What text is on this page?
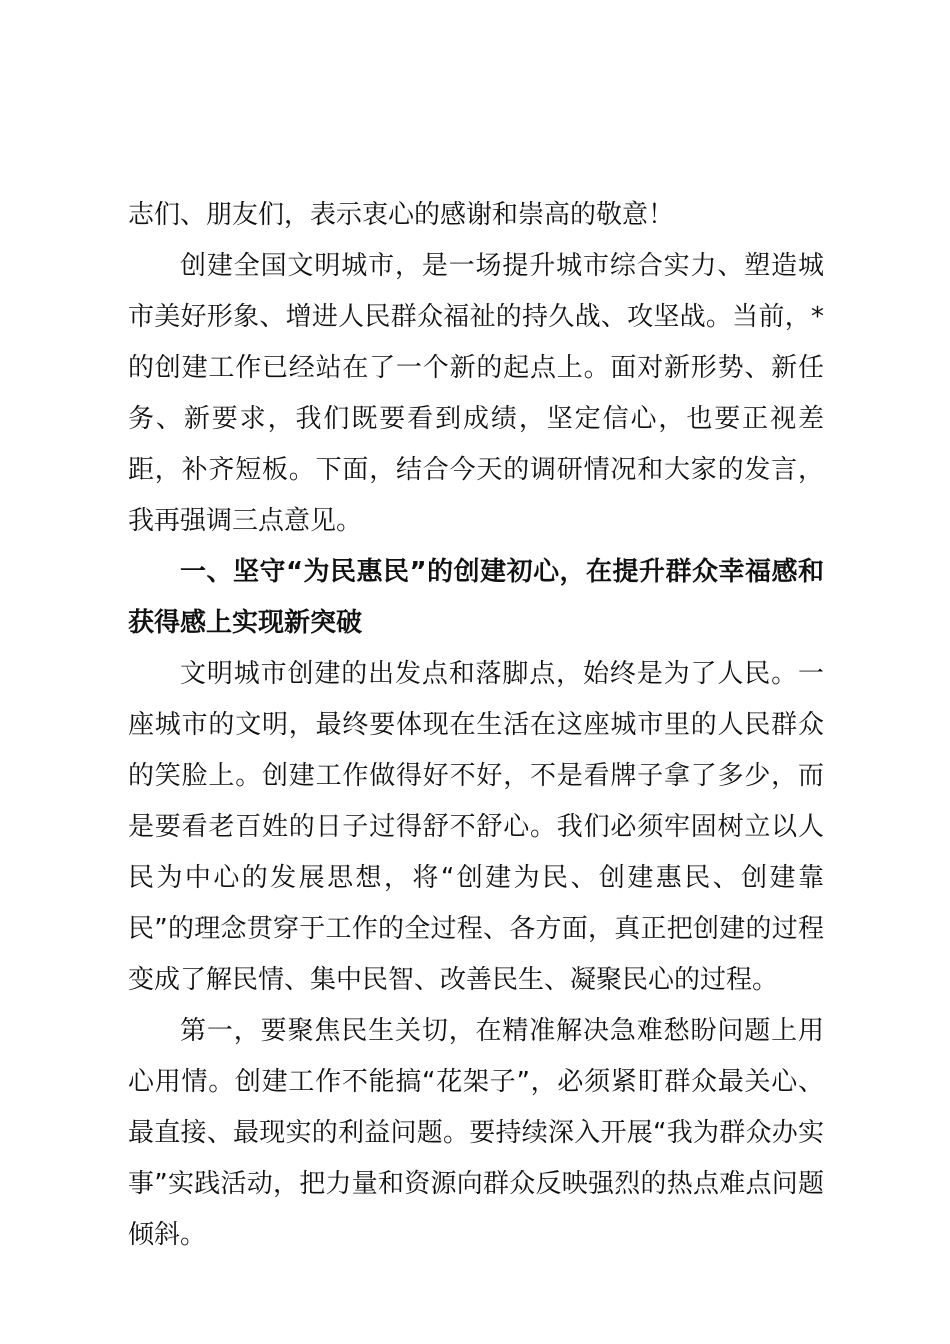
志们、朋友们，表示衷心的感谢和崇高的敬意！

创建全国文明城市，是一场提升城市综合实力、塑造城市美好形象、增进人民群众福祉的持久战、攻坚战。当前，*的创建工作已经站在了一个新的起点上。面对新形势、新任务、新要求，我们既要看到成绩，坚定信心，也要正视差距，补齐短板。下面，结合今天的调研情况和大家的发言，我再强调三点意见。

一、坚守“为民惠民”的创建初心，在提升群众幸福感和获得感上实现新突破

文明城市创建的出发点和落脚点，始终是为了人民。一座城市的文明，最终要体现在生活在这座城市里的人民群众的笑脸上。创建工作做得好不好，不是看牌子拿了多少，而是要看老百姓的日子过得舒不舒心。我们必须牢固树立以人民为中心的发展思想，将“创建为民、创建惠民、创建靠民”的理念贯穿于工作的全过程、各方面，真正把创建的过程变成了解民情、集中民智、改善民生、凝聚民心的过程。

第一，要聚焦民生关切，在精准解决急难愁盼问题上用心用情。创建工作不能搞“花架子”，必须紧盯群众最关心、最直接、最现实的利益问题。要持续深入开展“我为群众办实事”实践活动，把力量和资源向群众反映强烈的热点难点问题倾斜。
